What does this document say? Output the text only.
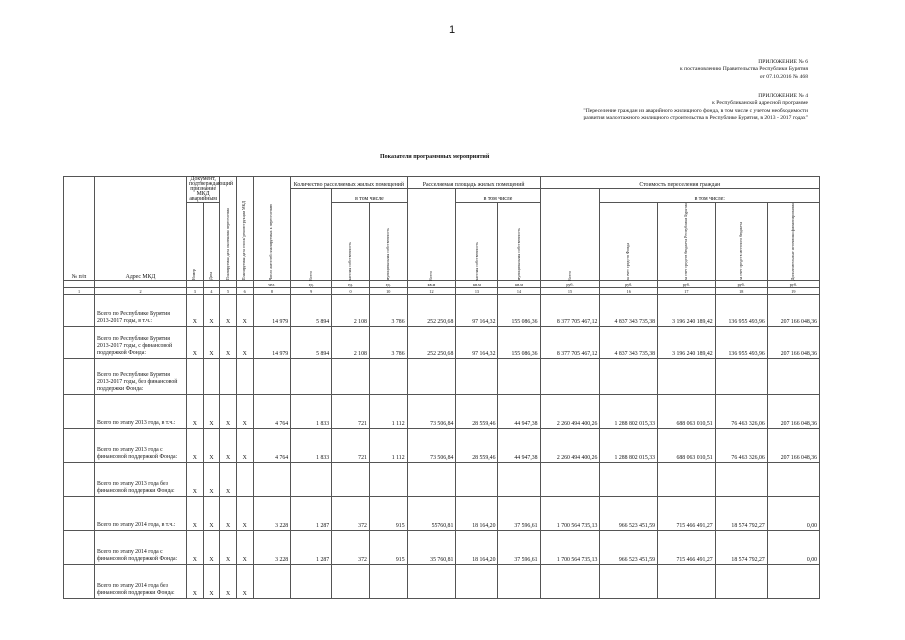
1
ПРИЛОЖЕНИЕ № 6
к постановлению Правительства Республики Бурятия
от 07.10.2016 № 468
ПРИЛОЖЕНИЕ № 4
к Республиканской адресной программе
"Переселение граждан из аварийного жилищного фонда, в том числе с учетом необходимости
развития малоэтажного жилищного строительства в Республике Бурятия, в 2013 - 2017 годах"
Показатели программных мероприятий
№ п/п	Адрес МКД	Документ, подтверждающий признание МКД аварийным		Планируемая дата окончания переселения	Планируемая дата сноса/ реконструкции МКД	Число жителей планируемых к переселению	Количество расселяемых жилых помещений			Расселяемая площадь жилых помещений			Стоимость переселения граждан				

							Всего	в том числе		Всего	в том числе		Всего	в том числе:			

		Номер	Дата					частная собственность	муниципальная собственность		частная собственность	муниципальная собственность		за счет средств Фонда	за счет средств бюджета Республики Бурятия	за счет средств местного бюджета	Дополнительные источники финансирования

						чел.	ед.	ед.	ед.	кв.м	кв.м	кв.м	руб.	руб.	руб.	руб.	руб.
1	2	3	4	5	6	8	9	0	10	12	13	14	15	16	17	18	19
	Всего по Республике Бурятия 2013-2017 годы, в т.ч.:	X	X	X	X	14 979	5 894	2 108	3 786	252 250,68	97 164,32	155 086,36	8 377 705 467,12	4 837 343 735,38	3 196 240 189,42	136 955 493,96	207 166 048,36
	Всего по Республике Бурятия 2013-2017 годы, с финансовой поддержкой Фонда:	X	X	X	X	14 979	5 894	2 108	3 786	252 250,68	97 164,32	155 086,36	8 377 705 467,12	4 837 343 735,38	3 196 240 189,42	136 955 493,96	207 166 048,36
	Всего по Республике Бурятия 2013-2017 годы, без финансовой поддержки Фонда:																
	Всего по этапу 2013 года, в т.ч.:	X	X	X	X	4 764	1 833	721	1 112	73 506,84	28 559,46	44 947,38	2 260 494 400,26	1 288 802 015,33	688 063 010,51	76 463 326,06	207 166 048,36
	Всего по этапу 2013 года с финансовой поддержкой Фонда:	X	X	X	X	4 764	1 833	721	1 112	73 506,84	28 559,46	44 947,38	2 260 494 400,26	1 288 802 015,33	688 063 010,51	76 463 326,06	207 166 048,36
	Всего по этапу 2013 года без финансовой поддержки Фонда:	X	X	X													
	Всего по этапу 2014 года, в т.ч.:	X	X	X	X	3 228	1 287	372	915	55760,81	18 164,20	37 596,61	1 700 564 735,13	966 523 451,59	715 466 491,27	18 574 792,27	0,00
	Всего по этапу 2014 года с финансовой поддержкой Фонда:	X	X	X	X	3 228	1 287	372	915	35 760,81	18 164,20	37 596,61	1 700 564 735,13	966 523 451,59	715 466 491,27	18 574 792,27	0,00
	Всего по этапу 2014 года без финансовой поддержки Фонда:	X	X	X	X												
